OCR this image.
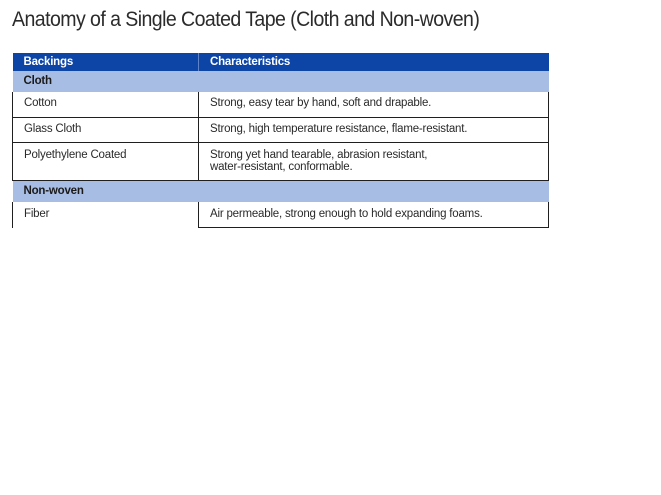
Anatomy of a Single Coated Tape (Cloth and Non-woven)
Backings	Characteristics
Cloth	
Cotton	Strong, easy tear by hand, soft and drapable.
Glass Cloth	Strong, high temperature resistance, flame-resistant.
Polyethylene Coated	Strong yet hand tearable, abrasion resistant,
water-resistant, conformable.
Non-woven	
Fiber	Air permeable, strong enough to hold expanding foams.
